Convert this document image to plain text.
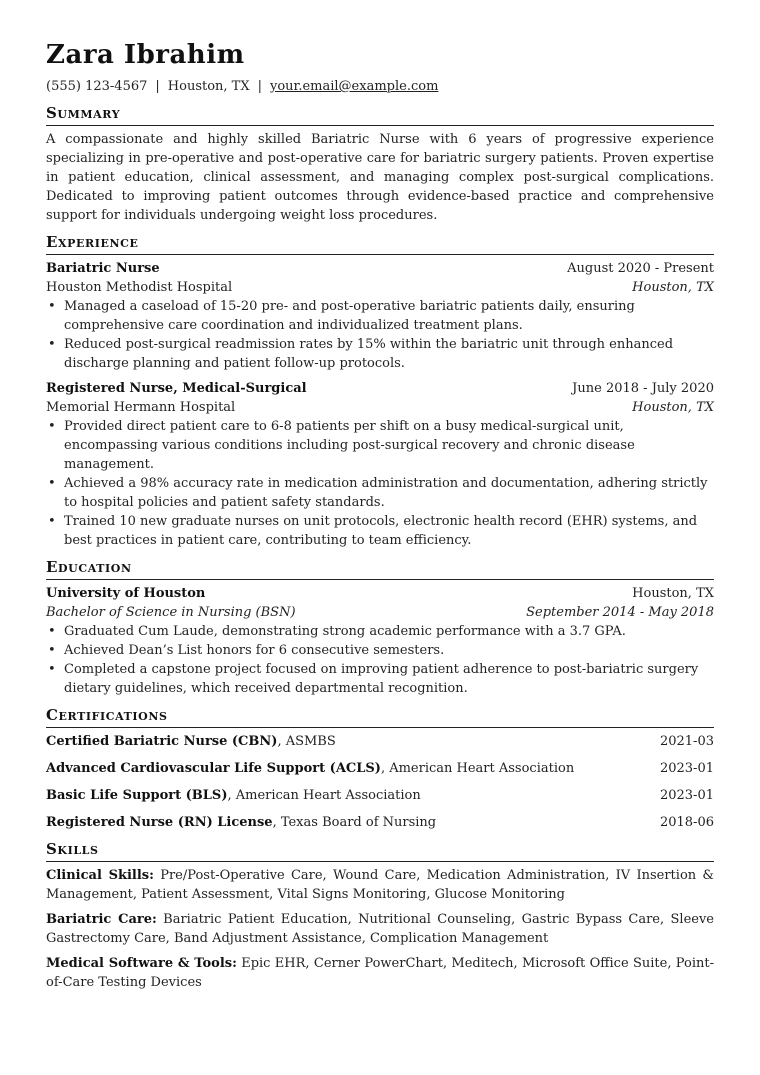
Zara Ibrahim
(555) 123-4567 | Houston, TX | your.email@example.com
Summary
A compassionate and highly skilled Bariatric Nurse with 6 years of progressive experience specializing in pre-operative and post-operative care for bariatric surgery patients. Proven expertise in patient education, clinical assessment, and managing complex post-surgical complications. Dedicated to improving patient outcomes through evidence-based practice and comprehensive support for individuals undergoing weight loss procedures.
Experience
Bariatric Nurse	August 2020 - Present
Houston Methodist Hospital	Houston, TX
• Managed a caseload of 15-20 pre- and post-operative bariatric patients daily, ensuring comprehensive care coordination and individualized treatment plans.
• Reduced post-surgical readmission rates by 15% within the bariatric unit through enhanced discharge planning and patient follow-up protocols.
Registered Nurse, Medical-Surgical	June 2018 - July 2020
Memorial Hermann Hospital	Houston, TX
• Provided direct patient care to 6-8 patients per shift on a busy medical-surgical unit, encompassing various conditions including post-surgical recovery and chronic disease management.
• Achieved a 98% accuracy rate in medication administration and documentation, adhering strictly to hospital policies and patient safety standards.
• Trained 10 new graduate nurses on unit protocols, electronic health record (EHR) systems, and best practices in patient care, contributing to team efficiency.
Education
University of Houston	Houston, TX
Bachelor of Science in Nursing (BSN)	September 2014 - May 2018
• Graduated Cum Laude, demonstrating strong academic performance with a 3.7 GPA.
• Achieved Dean’s List honors for 6 consecutive semesters.
• Completed a capstone project focused on improving patient adherence to post-bariatric surgery dietary guidelines, which received departmental recognition.
Certifications
Certified Bariatric Nurse (CBN), ASMBS	2021-03
Advanced Cardiovascular Life Support (ACLS), American Heart Association	2023-01
Basic Life Support (BLS), American Heart Association	2023-01
Registered Nurse (RN) License, Texas Board of Nursing	2018-06
Skills
Clinical Skills: Pre/Post-Operative Care, Wound Care, Medication Administration, IV Insertion & Management, Patient Assessment, Vital Signs Monitoring, Glucose Monitoring
Bariatric Care: Bariatric Patient Education, Nutritional Counseling, Gastric Bypass Care, Sleeve Gastrectomy Care, Band Adjustment Assistance, Complication Management
Medical Software & Tools: Epic EHR, Cerner PowerChart, Meditech, Microsoft Office Suite, Point-of-Care Testing Devices
